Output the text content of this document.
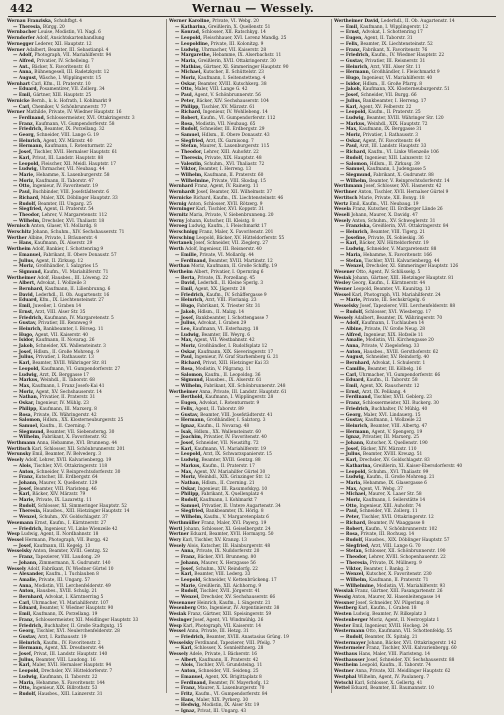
442	Wernau — Wessely.
Wernau Franziska, Schuhfbgt. 4
— Theresia, Bürgg. 20
Wernbacher Louise, Modistin, VI. Nagl. 6
Werndorfer Adolf, Ansichtskartenhandlung
Wernegger Lederer, XII. Hauptstr. 12
Werner Adalbert, Beamter, III. Sebastianpl. 4
— Adolf, Photograph, VII. Mariahilferstr. 94
— Alfred, Privatier, IV. Schelleing. 7
— Ant., Bäcker, X. Favoritenstr. 61
— Anna, Bühnengesell, III. Radetzkystr. 12
— August, Wäsche, I. Wipplingerstr. 15
Wernhart Carl, Kfm., II. Praterstr. 10
— Eduard, Posamentirer, VII. Zollerg. 34
— Emil, Gärtner, XIII. Hauptstr. 25
Wernicke Bernh., k. k. Hofrath, I. Kohlmarkt 9
— Carl, Chemiker, V. Schönbrunnerstr. 77
Werner Mathilde, Private, IV. Wiedner Hauptstr. 16
— Ferdinand, Schlossermeister, XVI. Ottakringerstr. 3
— Franz, Kaufmann, VI. Gumpendorferstr. 58
— Friedrich, Beamter, IX. Porzellang. 32
— Georg, Schneider, VIII. Lange G. 19
— Heinrich, Agent, XV. Märzstr. 40
— Hermann, Kaufmann, I. Rotenturmstr. 22
— Josef, Tischler, XVII. Hernalser Hauptstr. 61
— Karl, Privat, III. Landstr. Hauptstr. 88
— Leopold, Fleischer, XII. Meidl. Hauptstr. 17
— Ludwig, Uhrmacher, VII. Neubaug. 44
— Marie, Hebamme, X. Laxenburgerstr. 58
— Moriz, Kaufmann, II. Taborstr. 47
— Otto, Ingenieur, IV. Favoritenstr. 19
— Paul, Buchbinder, VIII. Josefstädterstr. 6
— Richard, Maler, XIX. Döblinger Hauptstr. 33
— Rudolf, Beamter, III. Ungarg. 25
— Siegfried, Agent, II. Praterstr. 54
— Theodor, Lehrer, V. Margaretenstr. 112
— Wilhelm, Drechsler, XVI. Thaliastr. 18
Wernisch Anton, Glaser, VI. Mollardg. 8
Werschitz Johann, Schuhm., XIV. Sechshauserstr. 71
Werther Albine, Private, I. Bräunerstr. 4
— Hans, Kaufmann, IX. Alserstr. 29
Wertheim Adolf, Bankier, I. Schottenring 9
— Emanuel, Fabrikant, II. Obere Donaustr. 57
— Julius, Agent, II. Zirkusg. 12
— Moriz, Großhändler, I. Salzgries 15
— Sigmund, Kaufm., VI. Mariahilferstr. 71
Wertheimer Adolf, Hausbes., III. Löweng. 22
— Albert, Advokat, I. Wollzeile 3
— Bernhard, Kaufmann, II. Lilienbrunng. 6
— David, Lederhdl., II. Ob. Augartenstr. 16
— Eduard, Kfm., IX. Liechtensteinstr. 27
— Emil, Juwelier, I. Graben 14
— Ernst, Arzt, VIII. Alser Str. 35
— Friedrich, Kaufmann, IV. Margaretenstr. 5
— Gustav, Privatier, III. Rennweg 9
— Heinrich, Bankbeamter, I. Börseg. 11
— Hugo, Agent, VII. Kaiserstr. 40
— Isidor, Kaufmann, II. Novarag. 26
— Jakob, Schneider, XX. Wallensteinstr. 3
— Josef, Hdlsm., II. Große Mohreng. 9
— Julius, Privatier, I. Rathausstr. 13
— Karl, Beamter, XVIII. Währinger Str. 81
— Leopold, Kaufmann, VI. Gumpendorferstr. 27
— Ludwig, Arzt, IX. Berggasse 17
— Markus, Weinhdl., II. Taborstr. 68
— Max, Kaufmann, I. Franz Josefs-Kai 41
— Moriz, Agent, XV. Sechshauserstr. 14
— Nathan, Privatier, II. Praterstr. 31
— Oskar, Ingenieur, IV. Mühlg. 23
— Philipp, Kaufmann, III. Marxerg. 8
— Rosa, Private, IX. Währingerstr. 42
— Salomon, Hdlsm., XX. Klosterneuburgerstr. 25
— Samuel, Kaufm., II. Czerning. 7
— Siegmund, Beamter, VII. Siebensterng. 30
— Wilhelm, Fabrikant, X. Favoritenstr. 92
Werthmann Anna, Hebamme, XVI. Brunneng. 44
Wertitsch Karl, Schlosser, XII. Schönbrunnerstr. 201
Werunsky Emil, Beamter, IV. Belvederg. 3
Wesely Adolf, Lehrer, XVII. Kalvarienbergg. 19
— Alois, Tischler, XVI. Ottakringerstr. 118
— Anton, Schneider, V. Reinprechtsdorferstr. 30
— Franz, Kutscher, III. Erdbergstr. 64
— Johann, Maurer, X. Quellenstr. 129
— Josef, Beamter, VIII. Piaristeng. 46
— Karl, Bäcker, XIV. Märzstr. 79
— Marie, Private, IX. Lazarettg. 11
— Rudolf, Schlosser, XI. Simmeringer Hauptstr. 52
— Theresia, Hausbes., XIII. Hietzinger Hauptstr. 14
— Wenzel, Schuhm., XV. Goldschlagstr. 37
Wesemann Ernst, Kaufm., I. Kärntnerstr. 27
— Friedrich, Ingenieur, VI. Linke Wienzeile 42
Wesp Ludwig, Agent, II. Nordbahnstr. 18
Wessel Hermann, Photograph, VII. Burgg. 42
— Josef, Kaufmann, III. Kegelg. 13
Wesselsky Anton, Beamter, XVIII. Gentzg. 52
— Franz, Tapezierer, VIII. Laudong. 29
— Johann, Zimmermann, X. Gudrunstr. 140
Wessely Adolf, Fabrikant, IV. Wiedner Gürtel 10
— Alexander, Kaufm., I. Tuchlauben 8
— Amalie, Private, III. Ungarg. 57
— Anna, Modistin, VII. Lerchenfelderstr. 49
— Anton, Hausbes., XVIII. Schulg. 21
— Bernhard, Advokat, I. Kärntnerring 5
— Carl, Uhrmacher, VI. Mariahilferstr. 107
— Eduard, Beamter, V. Wiedner Hauptstr. 90
— Emil, Kaufmann, IX. Porzellang. 19
— Franz, Schlossermeister, XII. Meidlinger Hauptstr. 33
— Friedrich, Buchhalter, II. Große Stadtgutg. 15
— Georg, Tischler, XVI. Neulerchenfelderstr. 28
— Gustav, Arzt, I. Rathausstr. 19
— Heinrich, Kaufm., IV. Favoritenstr. 2
— Hermann, Agent, XX. Dresdnerstr. 44
— Josef, Privat, III. Landstr. Hauptstr. 140
— Julius, Beamter, VIII. Laudong. 16
— Karl, Maler, XVII. Hernalser Hauptstr. 94
— Leopold, Drechsler, XV. Hütteldorferstr. 7
— Ludwig, Kaufmann, II. Taborstr. 22
— Maria, Hebamme, X. Favoritenstr. 144
— Otto, Ingenieur, XIX. Billrothstr. 53
— Rudolf, Hausbes., XIII. Lainzerstr. 31
Werner Karoline, Private, VI. Webg. 20
— Katharina, Greißlerin, X. Quellenstr. 51
— Konrad, Schlosser, XII. Ratschkyg. 14
— Leopold, Fleischhauer, XVI. Lorenz Mandlg. 25
— Leopoldine, Private, III. Kolonitzg. 9
— Ludwig, Uhrmacher, VII. Kaiserstr. 28
— Margarethe, Hebamme, IX. Alserbachstr. 11
— Maria, Greißlerin, XVII. Ottakringerstr. 30
— Mathias, Gärtner, XI. Simmeringer Hauptstr. 90
— Michael, Kutscher, II. Schüttelstr. 23
— Moriz, Kaufmann, I. Seitenstetteng. 4
— Oskar, Beamter, XVIII. Kutschkerg. 38
— Otto, Maler, VIII. Lange G. 42
— Paul, Agent, V. Schönbrunnerstr. 56
— Peter, Bäcker, XIV. Sechshauserstr. 104
— Philipp, Tischler, XV. Märzstr. 61
— Richard, Ingenieur, IV. Wohllebeng. 14
— Robert, Kaufm., VI. Gumpendorferstr. 112
— Rosa, Modistin, VII. Neubaug. 65
— Rudolf, Schneider, III. Erdbergstr. 29
— Samuel, Hdlsm., II. Obere Donaustr. 43
— Siegfried, Arzt, IX. Garnisong. 7
— Stefan, Maurer, X. Laxenburgerstr. 115
— Theodor, Lehrer, XIII. Auhofstr. 22
— Theresia, Private, XIX. Hauptstr. 48
— Valentin, Schuhm., XVI. Thaliastr. 72
— Viktor, Beamter, I. Herreng. 13
— Wilhelm, Kaufmann, II. Praterstr. 60
— Wilhelmine, Private, VIII. Skodag. 15
Wernhard Franz, Agent, IV. Rainerg. 11
Wernhardt Josef, Beamter, XII. Wilhelmstr. 37
Wernicke Richard, Kaufm., IX. Liechtensteinstr. 46
Wernig Anton, Schlosser, XVII. Rötzerg. 9
Werninger Karl, Tischler, XVI. Koppstr. 31
Wernitz Maria, Private, V. Siebenbrunneng. 20
Werny Johann, Kutscher, III. Kleistg. 8
Weroeg Ludwig, Kaufm., I. Fleischmarkt 17
Werschnigg Franz, Maler, X. Favoritenstr. 201
Wersching Leopold, Bäcker, XV. Hütteldorferstr. 55
Wertanek Josef, Schneider, VII. Zieglerg. 27
Werth Adolf, Ingenieur, III. Reisnerstr. 40
— Emilie, Private, VI. Mollardg. 44
— Ferdinand, Beamter, XVIII. Martinstr. 12
Werthan Moriz, Kaufmann, II. Große Schiffg. 19
Wertheim Albert, Privatier, I. Opernring 6
— Berta, Private, IX. Porzellang. 45
— David, Lederhdl., II. Kleine Sperlg. 3
— Emil, Agent, XX. Jägerstr. 28
— Friedrich, Kaufm., IV. Schäffergasse 9
— Heinrich, Arzt, VIII. Florianig. 23
— Hugo, Fabrikant, X. Triester Str. 31
— Jakob, Hdlsm., II. Malzg. 14
— Josef, Bankbeamter, I. Schottengasse 7
— Julius, Advokat, I. Graben 29
— Leo, Kaufmann, VI. Esterhazyg. 18
— Ludwig, Beamter, III. Weyrg. 6
— Max, Agent, VII. Westbahnstr. 42
— Moriz, Großhändler, I. Rudolfsplatz 12
— Oskar, Kaufmann, XIX. Sieveringerstr. 17
— Paul, Ingenieur, IV. Graf Starhemberg G. 21
— Richard, Privat, XIII. Hietzinger Kai 33
— Rosa, Modistin, V. Pilgramg. 11
— Salomon, Kaufm., II. Leopoldsg. 36
— Sigmund, Hausbes., IX. Alserstr. 61
— Wilhelm, Fabrikant, XII. Schönbrunnerstr. 248
Wertheimer Anna, Private, III. Landstr. Hauptstr. 61
— Berthold, Kaufmann, I. Wipplingerstr. 28
— Eugen, Advokat, I. Rotenturmstr. 9
— Felix, Agent, II. Taborstr. 89
— Gustav, Beamter, VIII. Josefstädterstr. 41
— Hermann, Großhändler, I. Salztorg. 3
— Ignaz, Kaufm., II. Novarag. 48
— Isak, Hdlsm., XX. Wallensteinstr. 60
— Joachim, Privatier, IV. Favoritenstr. 40
— Josef, Schneider, VII. Neustiftg. 72
— Karl, Kaufmann, VI. Mariahilferstr. 19
— Leopold, Arzt, IX. Schwarzspanierstr. 15
— Ludwig, Beamter, XVIII. Gentzg. 88
— Markus, Kaufm., II. Praterstr. 17
— Max, Agent, XV. Mariahilfer Gürtel 30
— Moriz, Weinhdl., XIX. Grinzinger Str. 12
— Nathan, Hdlsm., II. Czerning. 21
— Oskar, Ingenieur, III. Rasumofskyg. 10
— Philipp, Fabrikant, X. Quellenplatz 4
— Rudolf, Kaufmann, I. Kohlmarkt 7
— Samuel, Privatier, II. Untere Augartenstr. 34
— Siegfried, Bankbeamter, IX. Hörlg. 8
— Wilhelm, Kaufm., V. Margaretenplatz 6
Werthmüller Franz, Maler, XVI. Payerg. 19
Wertl Johann, Schlosser, XI. Geiselbergstr. 24
Wertner Eduard, Beamter, XVII. Hormayrg. 50
Wery Karl, Tischler, XV. Kranzg. 13
Wesely Alois, Kutscher, III. Hainburgerstr. 48
— Anna, Private, IX. Nußdorferstr. 20
— Franz, Bäcker, XVI. Brunneng. 80
— Johann, Maurer, X. Herzgasse 56
— Josef, Schuhm., XIV. Reindorfg. 22
— Karl, Beamter, VIII. Lederg. 33
— Leopold, Schneider, V. Kettenbrückeng. 17
— Marie, Greißlerin, XII. Aichhorng. 9
— Rudolf, Tischler, XVII. Jörgerstr. 41
— Wenzel, Drechsler, XV. Sechshauserstr. 66
Wesenauer Heinrich, Kaufm., I. Singerstr. 21
Wesenberg Otto, Ingenieur, IV. Argentinierstr. 38
Wesiak Franz, Gärtner, XIII. Speisingerstr. 59
Wesinger Josef, Agent, VI. Windmühlg. 26
Wesp Karl, Photograph, VII. Kaiserstr. 14
Wessel Anna, Private, III. Hetzg. 31
— Friedrich, Beamter, XVIII. Anastasius Grüng. 19
Wesselsky Ferdinand, Tapezierer, VIII. Pfeilg. 7
— Karl, Schlosser, X. Sonnleithnerg. 28
Wessely Adele, Private, I. Bäckerstr. 16
— Albert, Kaufmann, II. Praterstr. 42
— Alois, Tischler, XVI. Grundsteing. 11
— Anton, Schneider, VII. Seideng. 25
— Emanuel, Agent, XX. Brigittaplatz 8
— Ferdinand, Beamter, IV. Mayerhofg. 12
— Franz, Maurer, X. Laxenburgerstr. 70
— Fritz, Kaufm., VI. Gumpendorferstr. 84
— Hans, Maler, XIX. Pyrkerg. 30
— Hedwig, Modistin, IX. Alser Str. 19
— Ignaz, Privat, III. Ungarg. 43
Wertheimer David, Lederhdl., II. Ob. Augartenstr. 14
— Emil, Kaufmann, I. Wipplingerstr. 12
— Ernst, Advokat, I. Schottenring 17
— Eugen, Agent, II. Taborstr. 31
— Felix, Beamter, IX. Liechtensteinstr. 52
— Franz, Fabrikant, X. Favoritenstr. 76
— Friedrich, Kaufm., IV. Wiedner Hauptstr. 22
— Gustav, Privatier, III. Reisnerstr. 31
— Heinrich, Arzt, VIII. Alser Str. 11
— Hermann, Großhändler, I. Fleischmarkt 9
— Hugo, Ingenieur, VI. Mariahilferstr. 40
— Isidor, Hdlsm., II. Große Pfarrg. 8
— Jakob, Kaufmann, XX. Klosterneuburgerstr. 51
— Josef, Schneider, VII. Burgg. 66
— Julius, Bankbeamter, I. Herreng. 17
— Karl, Agent, XV. Felberstr. 22
— Leopold, Kaufm., II. Praterstr. 25
— Ludwig, Beamter, XVIII. Währinger Str. 120
— Markus, Weinhdl., XIX. Hauptstr. 72
— Max, Kaufmann, IX. Berggasse 31
— Moriz, Privatier, I. Rathausstr. 3
— Oskar, Agent, IV. Favoritenstr. 64
— Paul, Arzt, III. Landstr. Hauptstr. 33
— Richard, Kaufm., VI. Linke Wienzeile 106
— Rudolf, Ingenieur, XIII. Lainzerstr. 12
— Salomon, Hdlsm., II. Zirkusg. 39
— Samuel, Kaufmann, I. Judengasse 5
— Siegmund, Fabrikant, X. Gudrunstr. 88
— Wilhelm, Beamter, V. Reinprechtsdorferstr. 14
Werthmann Josef, Schlosser, XVI. Hasnerstr. 42
Werthner Anton, Tischler, XVII. Hernalser Gürtel 9
Wertitsch Marie, Private, XII. Bonyg. 18
Wertz Emil, Kaufm., VII. Neubaug. 19
Wesela Franz, Kutscher, III. Erdberger Lände 26
Weseli Johann, Maurer, X. Davidg. 47
Wesely Anton, Schuhm., XV. Schweglerstr. 31
— Franziska, Greißlerin, XVI. Ottakringerstr. 84
— Heinrich, Beamter, VIII. Tigerg. 21
— Josefine, Private, IX. Sobieskig. 36
— Karl, Bäcker, XIV. Hütteldorferstr. 19
— Ludwig, Schneider, V. Margaretenstr. 88
— Maria, Hebamme, X. Favoritenstr. 166
— Stefan, Tischler, XVII. Kalvarienbergg. 44
— Wenzel, Drechsler, XI. Simmeringer Hauptstr. 126
Wesener Otto, Agent, IV. Schlüsselg. 5
Wesiak Johann, Gärtner, XIII. Hietzinger Hauptstr. 81
Wesley Georg, Kaufm., I. Kärntnerstr. 44
Wesner Leopold, Beamter, VI. Kaunitzg. 13
Wessel Karl, Photograph, VII. Mariahilferstr. 24
— Marie, Private, III. Sechskrügelg. 6
Wesselsky Josef, Tapezierer, VIII. Lerchenfelderstr. 88
— Rudolf, Schlosser, XVI. Wiesbergg. 17
Wessely Adalbert, Beamter, IX. Währingerstr. 70
— Adolf, Kaufmann, I. Tuchlauben 14
— Albine, Private, IV. Große Neug. 28
— Alfred, Ingenieur, XIX. Hofzeile 11
— Amalie, Modistin, VII. Kirchengasse 20
— Anna, Private, V. Ziegelofeng. 33
— Anton, Hausbes., XVIII. Gersthoferstr. 62
— August, Schneider, XV. Reindorfg. 40
— Bernhard, Advokat, I. Schulerstr. 1
— Camillo, Beamter, III. Kölbelg. 16
— Carl, Uhrmacher, VI. Gumpendorferstr. 66
— Eduard, Kaufm., II. Taborstr. 58
— Emil, Agent, XX. Rauscherstr. 12
— Ernst, Arzt, IX. Pelikang. 4
— Ferdinand, Tischler, XVII. Geblerg. 23
— Franz, Schlossermeister, XII. Ruckerg. 30
— Friedrich, Buchhalter, IV. Mühlg. 40
— Georg, Maler, XVI. Lindauerg. 15
— Gustav, Kaufmann, I. Wollzeile 22
— Heinrich, Beamter, VIII. Albertg. 47
— Hermann, Agent, V. Spengerg. 19
— Ignaz, Privatier, III. Marxerg. 25
— Johann, Kutscher, X. Quellenstr. 190
— Josef, Bäcker, XIV. Märzstr. 110
— Julius, Beamter, XVIII. Kreuzg. 51
— Karl, Drechsler, XV. Goldschlagstr. 83
— Katharina, Greißlerin, XI. Kaiser-Ebersdorferstr. 40
— Leopold, Schuhm., XVI. Thaliastr. 99
— Ludwig, Kaufm., II. Große Mohreng. 21
— Maria, Hebamme, IX. Glasergasse 6
— Max, Agent, VI. Webg. 37
— Michael, Maurer, X. Laaer Str. 58
— Moriz, Kaufmann, I. Seilerstätte 14
— Otto, Ingenieur, XIII. Auhofstr. 74
— Paul, Schneider, VII. Zollerg. 11
— Peter, Tischler, XVII. Ottakringerstr. 12
— Richard, Beamter, IV. Waaggasse 8
— Robert, Kaufm., V. Schönbrunnerstr. 102
— Rosa, Private, III. Rochusg. 14
— Rudolf, Hausbes., XIX. Döblinger Hauptstr. 57
— Siegfried, Arzt, VIII. Lange G. 70
— Stefan, Schlosser, XII. Schönbrunnerstr. 190
— Theodor, Lehrer, XVIII. Schopenhauerstr. 22
— Theresia, Private, IX. Müllnerg. 9
— Viktor, Beamter, I. Bankg. 2
— Wenzel, Kutscher, X. Favoritenstr. 230
— Wilhelm, Kaufmann, II. Praterstr. 71
— Wilhelmine, Modistin, VI. Mariahilferstr. 93
Wessiak Franz, Gärtner, XIII. Fasangartenstr. 26
Wessig Anton, Maurer, XI. Hasenleitengasse 14
Wessner Josef, Schneider, XV. Pilgerimg. 8
Westberg Karl, Kaufm., I. Graben 18
Westen Ludwig, Beamter, IV. Rilkeplatz 3
Westenberger Moriz, Agent, II. Nestroyplatz 1
Wester Emil, Ingenieur, XVIII. Hockeg. 24
Westermann Otto, Kaufmann, VII. Schottenfeldg. 55
— Rudolf, Beamter, IX. Spitalg. 21
Westermayer Johann, Bäcker, XVI. Ottakringerstr. 142
Westermeier Franz, Tischler, XVII. Kalvarienbergg. 60
Westhaus Hans, Maler, VIII. Piaristeng. 14
Westhausser Josef, Schneider, XV. Sechshauserstr. 88
Westheim Leopold, Kaufm., II. Taborstr. 74
Westner Anna, Private, XII. Meidlinger Hauptstr. 62
Westphal Wilhelm, Agent, IV. Paulanerg. 7
Wetschl Karl, Schlosser, X. Gellertg. 41
Wettel Eduard, Beamter, III. Baumannstr. 10
